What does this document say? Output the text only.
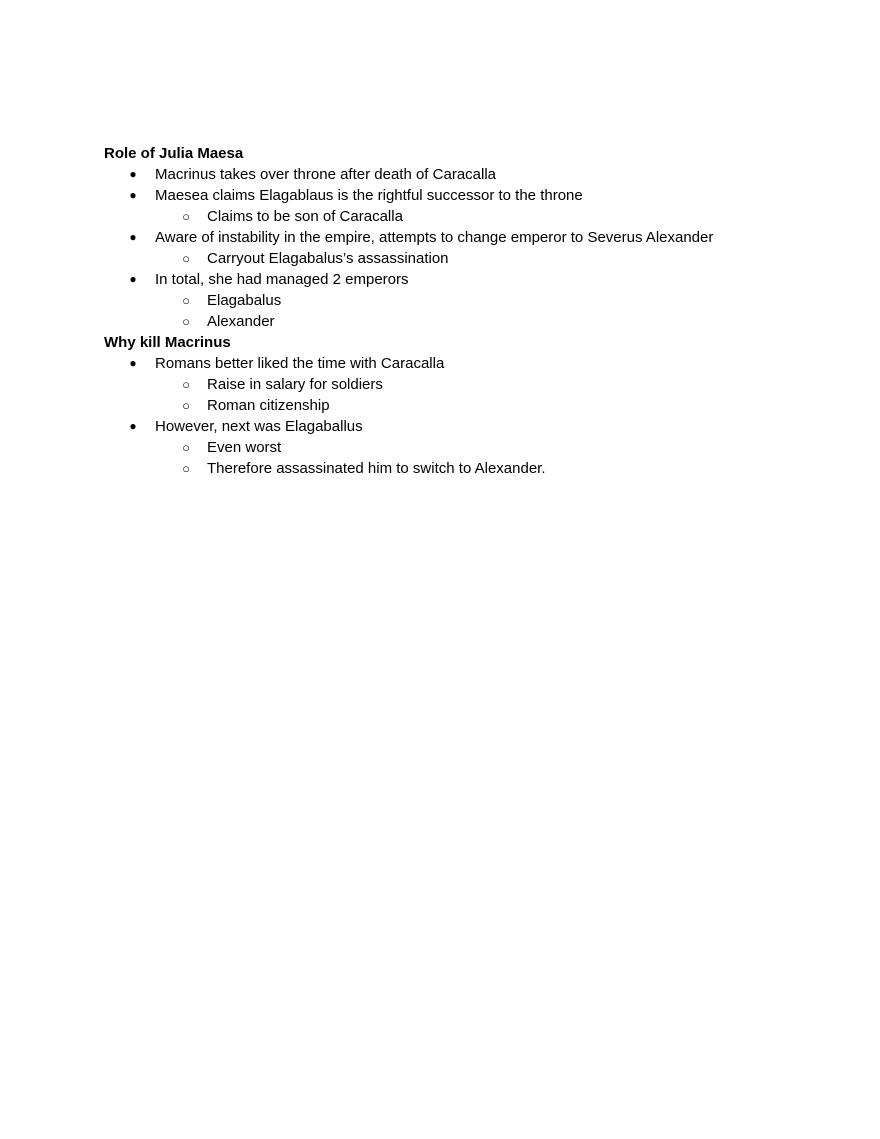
Role of Julia Maesa
● Macrinus takes over throne after death of Caracalla
● Maesea claims Elagablaus is the rightful successor to the throne
○ Claims to be son of Caracalla
● Aware of instability in the empire, attempts to change emperor to Severus Alexander
○ Carryout Elagabalus’s assassination
● In total, she had managed 2 emperors
○ Elagabalus
○ Alexander
Why kill Macrinus
● Romans better liked the time with Caracalla
○ Raise in salary for soldiers
○ Roman citizenship
● However, next was Elagaballus
○ Even worst
○ Therefore assassinated him to switch to Alexander.
